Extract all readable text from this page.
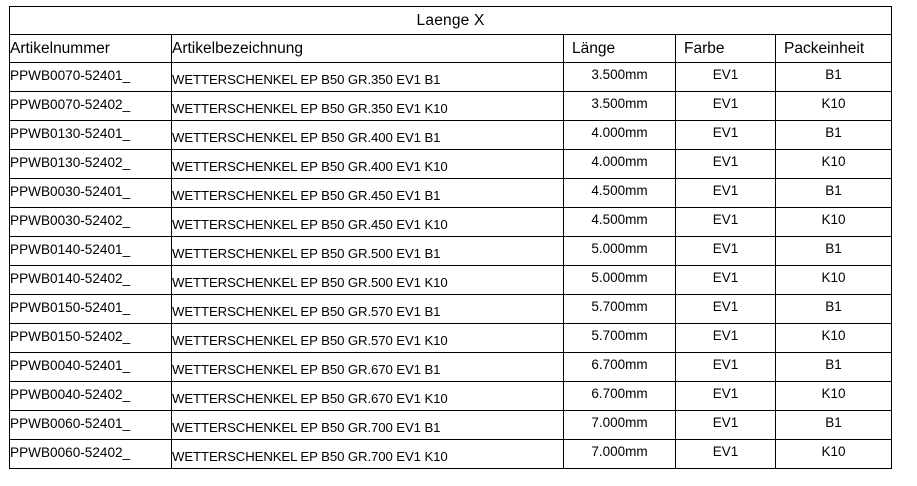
Laenge X				
Artikelnummer	Artikelbezeichnung	Länge	Farbe	Packeinheit
PPWB0070-52401_	WETTERSCHENKEL EP B50 GR.350 EV1 B1	3.500mm	EV1	B1
PPWB0070-52402_	WETTERSCHENKEL EP B50 GR.350 EV1 K10	3.500mm	EV1	K10
PPWB0130-52401_	WETTERSCHENKEL EP B50 GR.400 EV1 B1	4.000mm	EV1	B1
PPWB0130-52402_	WETTERSCHENKEL EP B50 GR.400 EV1 K10	4.000mm	EV1	K10
PPWB0030-52401_	WETTERSCHENKEL EP B50 GR.450 EV1 B1	4.500mm	EV1	B1
PPWB0030-52402_	WETTERSCHENKEL EP B50 GR.450 EV1 K10	4.500mm	EV1	K10
PPWB0140-52401_	WETTERSCHENKEL EP B50 GR.500 EV1 B1	5.000mm	EV1	B1
PPWB0140-52402_	WETTERSCHENKEL EP B50 GR.500 EV1 K10	5.000mm	EV1	K10
PPWB0150-52401_	WETTERSCHENKEL EP B50 GR.570 EV1 B1	5.700mm	EV1	B1
PPWB0150-52402_	WETTERSCHENKEL EP B50 GR.570 EV1 K10	5.700mm	EV1	K10
PPWB0040-52401_	WETTERSCHENKEL EP B50 GR.670 EV1 B1	6.700mm	EV1	B1
PPWB0040-52402_	WETTERSCHENKEL EP B50 GR.670 EV1 K10	6.700mm	EV1	K10
PPWB0060-52401_	WETTERSCHENKEL EP B50 GR.700 EV1 B1	7.000mm	EV1	B1
PPWB0060-52402_	WETTERSCHENKEL EP B50 GR.700 EV1 K10	7.000mm	EV1	K10
